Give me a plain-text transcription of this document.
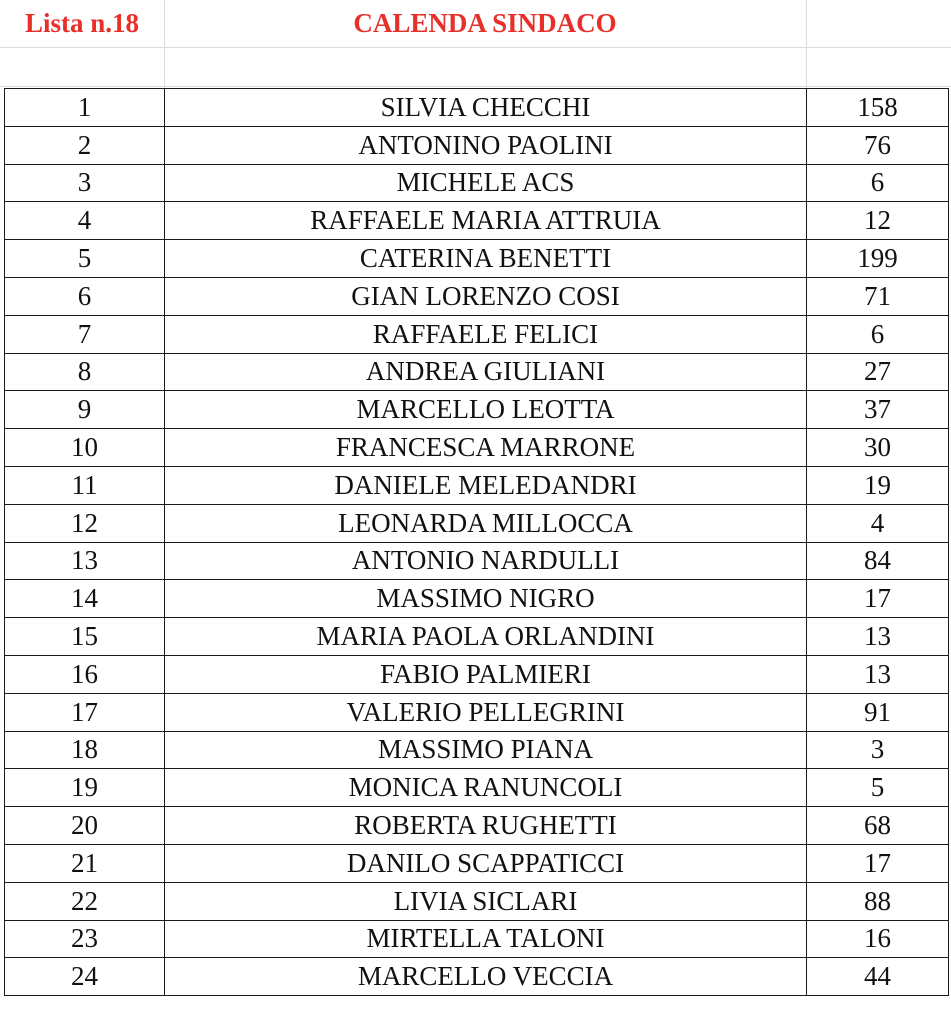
Lista n.18	CALENDA SINDACO
1	SILVIA CHECCHI	158
2	ANTONINO PAOLINI	76
3	MICHELE ACS	6
4	RAFFAELE MARIA ATTRUIA	12
5	CATERINA BENETTI	199
6	GIAN LORENZO COSI	71
7	RAFFAELE FELICI	6
8	ANDREA GIULIANI	27
9	MARCELLO LEOTTA	37
10	FRANCESCA MARRONE	30
11	DANIELE MELEDANDRI	19
12	LEONARDA MILLOCCA	4
13	ANTONIO NARDULLI	84
14	MASSIMO NIGRO	17
15	MARIA PAOLA ORLANDINI	13
16	FABIO PALMIERI	13
17	VALERIO PELLEGRINI	91
18	MASSIMO PIANA	3
19	MONICA RANUNCOLI	5
20	ROBERTA RUGHETTI	68
21	DANILO SCAPPATICCI	17
22	LIVIA SICLARI	88
23	MIRTELLA TALONI	16
24	MARCELLO VECCIA	44
